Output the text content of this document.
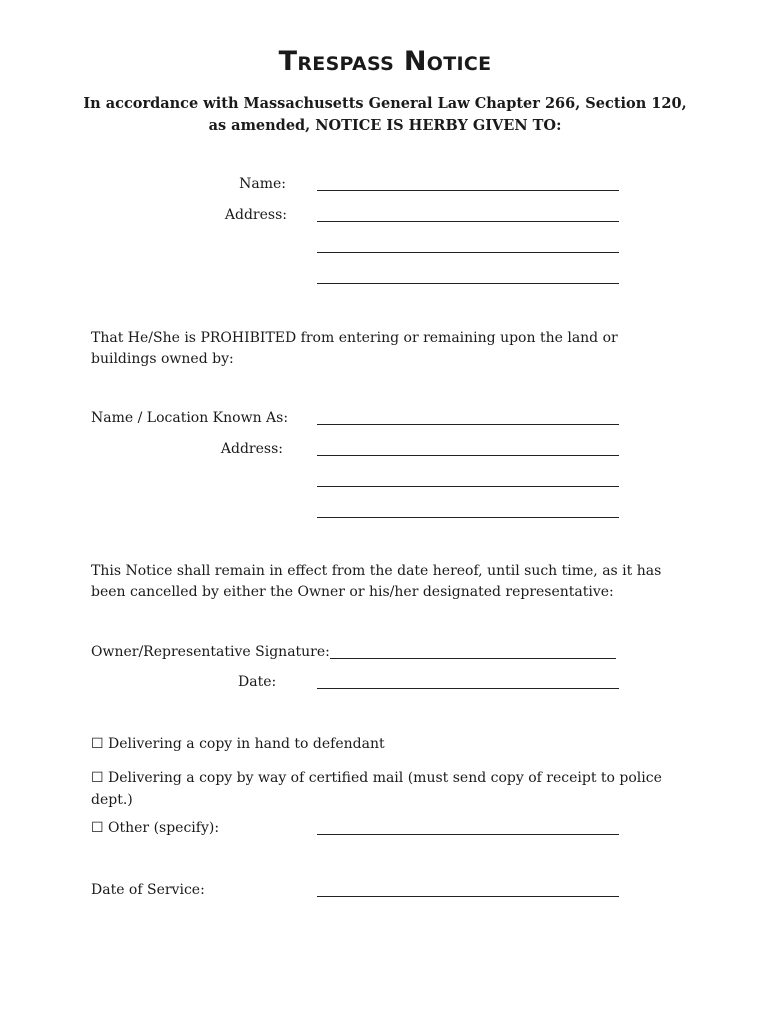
Trespass Notice
In accordance with Massachusetts General Law Chapter 266, Section 120,
as amended, NOTICE IS HERBY GIVEN TO:
Name:
Address:
That He/She is PROHIBITED from entering or remaining upon the land or buildings owned by:
Name / Location Known As:
Address:
This Notice shall remain in effect from the date hereof, until such time, as it has been cancelled by either the Owner or his/her designated representative:
Owner/Representative Signature:
Date:
☐ Delivering a copy in hand to defendant
☐ Delivering a copy by way of certified mail (must send copy of receipt to police dept.)
☐ Other (specify):
Date of Service:
